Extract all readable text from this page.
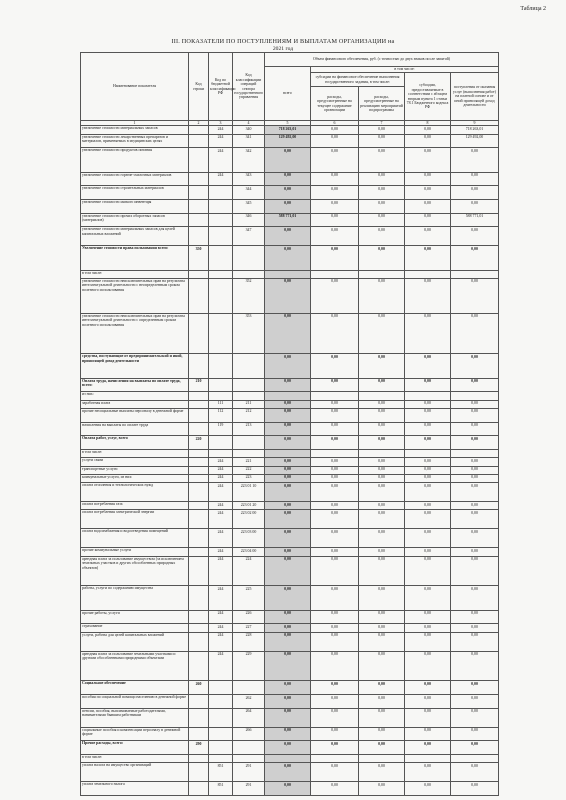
Таблица 2
III. ПОКАЗАТЕЛИ ПО ПОСТУПЛЕНИЯМ И ВЫПЛАТАМ ОРГАНИЗАЦИИ на
2021 год
Наименование показателя	Код строки	Код по бюджетной классификации РФ	Код классификации операций сектора государственного управления	Объем финансового обеспечения, руб. (с точностью до двух знаков после запятой)				
				всего	в том числе:			
					субсидии на финансовое обеспечение выполнения государственного задания, в том числе:		субсидии, предоставляемые в соответствии с абзацем вторым пункта 1 статьи 78.1 Бюджетного кодекса РФ	поступления от оказания услуг (выполнения работ) на платной основе и от иной приносящей доход деятельности
					расходы, предусмотренные на текущее содержание организации	расходы, предусмотренные на реализацию мероприятий подпрограммы		
1	2	3	4	5	6	7	8	9
увеличение стоимости материальных запасов		244	340	718 263,01	0,00	0,00	0,00	718 263,01
увеличение стоимости лекарственных препаратов и материалов, применяемых в медицинских целях		244	341	129 492,00	0,00	0,00	0,00	129 492,00
увеличение стоимости продуктов питания		244	342	0,00	0,00	0,00	0,00	0,00
увеличение стоимости горюче-смазочных материалов		244	343	0,00	0,00	0,00	0,00	0,00
увеличение стоимости строительных материалов			344	0,00	0,00	0,00	0,00	0,00
увеличение стоимости мягкого инвентаря			345	0,00	0,00	0,00	0,00	0,00
увеличение стоимости прочих оборотных запасов (материалов)			346	588 771,01	0,00	0,00	0,00	588 771,01
увеличение стоимости материальных запасов для целей капитальных вложений			347	0,00	0,00	0,00	0,00	0,00
Увеличение стоимости права пользования всего:	350			0,00	0,00	0,00	0,00	0,00
в том числе:								
увеличение стоимости неисключительных прав на результаты интеллектуальной деятельности с неопределенным сроком полезного использования			352	0,00	0,00	0,00	0,00	0,00
увеличение стоимости неисключительных прав на результаты интеллектуальной деятельности с определенным сроком полезного использования			353	0,00	0,00	0,00	0,00	0,00
средства, поступающие от предпринимательской и иной, приносящей доход деятельности				0,00	0,00	0,00	0,00	0,00
Оплата труда, начисления на выплаты по оплате труда, всего:	210			0,00	0,00	0,00	0,00	0,00
из них:								
заработная плата		111	211	0,00	0,00	0,00	0,00	0,00
прочие несоциальные выплаты персоналу в денежной форме		112	212	0,00	0,00	0,00	0,00	0,00
начисления на выплаты по оплате труда		119	213	0,00	0,00	0,00	0,00	0,00
Оплата работ, услуг, всего	220			0,00	0,00	0,00	0,00	0,00
в том числе:								
услуги связи		244	221	0,00	0,00	0,00	0,00	0,00
транспортные услуги		244	222	0,00	0,00	0,00	0,00	0,00
коммунальные услуги, из них:		244	223	0,00	0,00	0,00	0,00	0,00
оплата отопления и технологических нужд		244	223 01 10	0,00	0,00	0,00	0,00	0,00
оплата потребления газа		244	223 01 20	0,00	0,00	0,00	0,00	0,00
оплата потребления электрической энергии		244	223 02 00	0,00	0,00	0,00	0,00	0,00
оплата водоснабжения и водоотведения помещений		244	223 03 00	0,00	0,00	0,00	0,00	0,00
прочие коммунальные услуги		244	223 04 00	0,00	0,00	0,00	0,00	0,00
арендная плата за пользование имуществом (за исключением земельных участков и других обособленных природных объектов)		244	224	0,00	0,00	0,00	0,00	0,00
работы, услуги по содержанию имущества		244	225	0,00	0,00	0,00	0,00	0,00
прочие работы, услуги		244	226	0,00	0,00	0,00	0,00	0,00
страхование		244	227	0,00	0,00	0,00	0,00	0,00
услуги, работы для целей капитальных вложений		244	228	0,00	0,00	0,00	0,00	0,00
арендная плата за пользование земельными участками и другими обособленными природными объектами		244	229	0,00	0,00	0,00	0,00	0,00
Социальное обеспечение	260			0,00	0,00	0,00	0,00	0,00
пособия по социальной помощи населению в денежной форме			262	0,00	0,00	0,00	0,00	0,00
пенсии, пособия, выплачиваемые работодателями, нанимателями бывшим работникам			264	0,00	0,00	0,00	0,00	0,00
социальные пособия и компенсации персоналу в денежной форме			266	0,00	0,00	0,00	0,00	0,00
Прочие расходы, всего:	290			0,00	0,00	0,00	0,00	0,00
в том числе:								
уплата налога на имущество организаций		851	291	0,00	0,00	0,00	0,00	0,00
уплата земельного налога		851	291	0,00	0,00	0,00	0,00	0,00
